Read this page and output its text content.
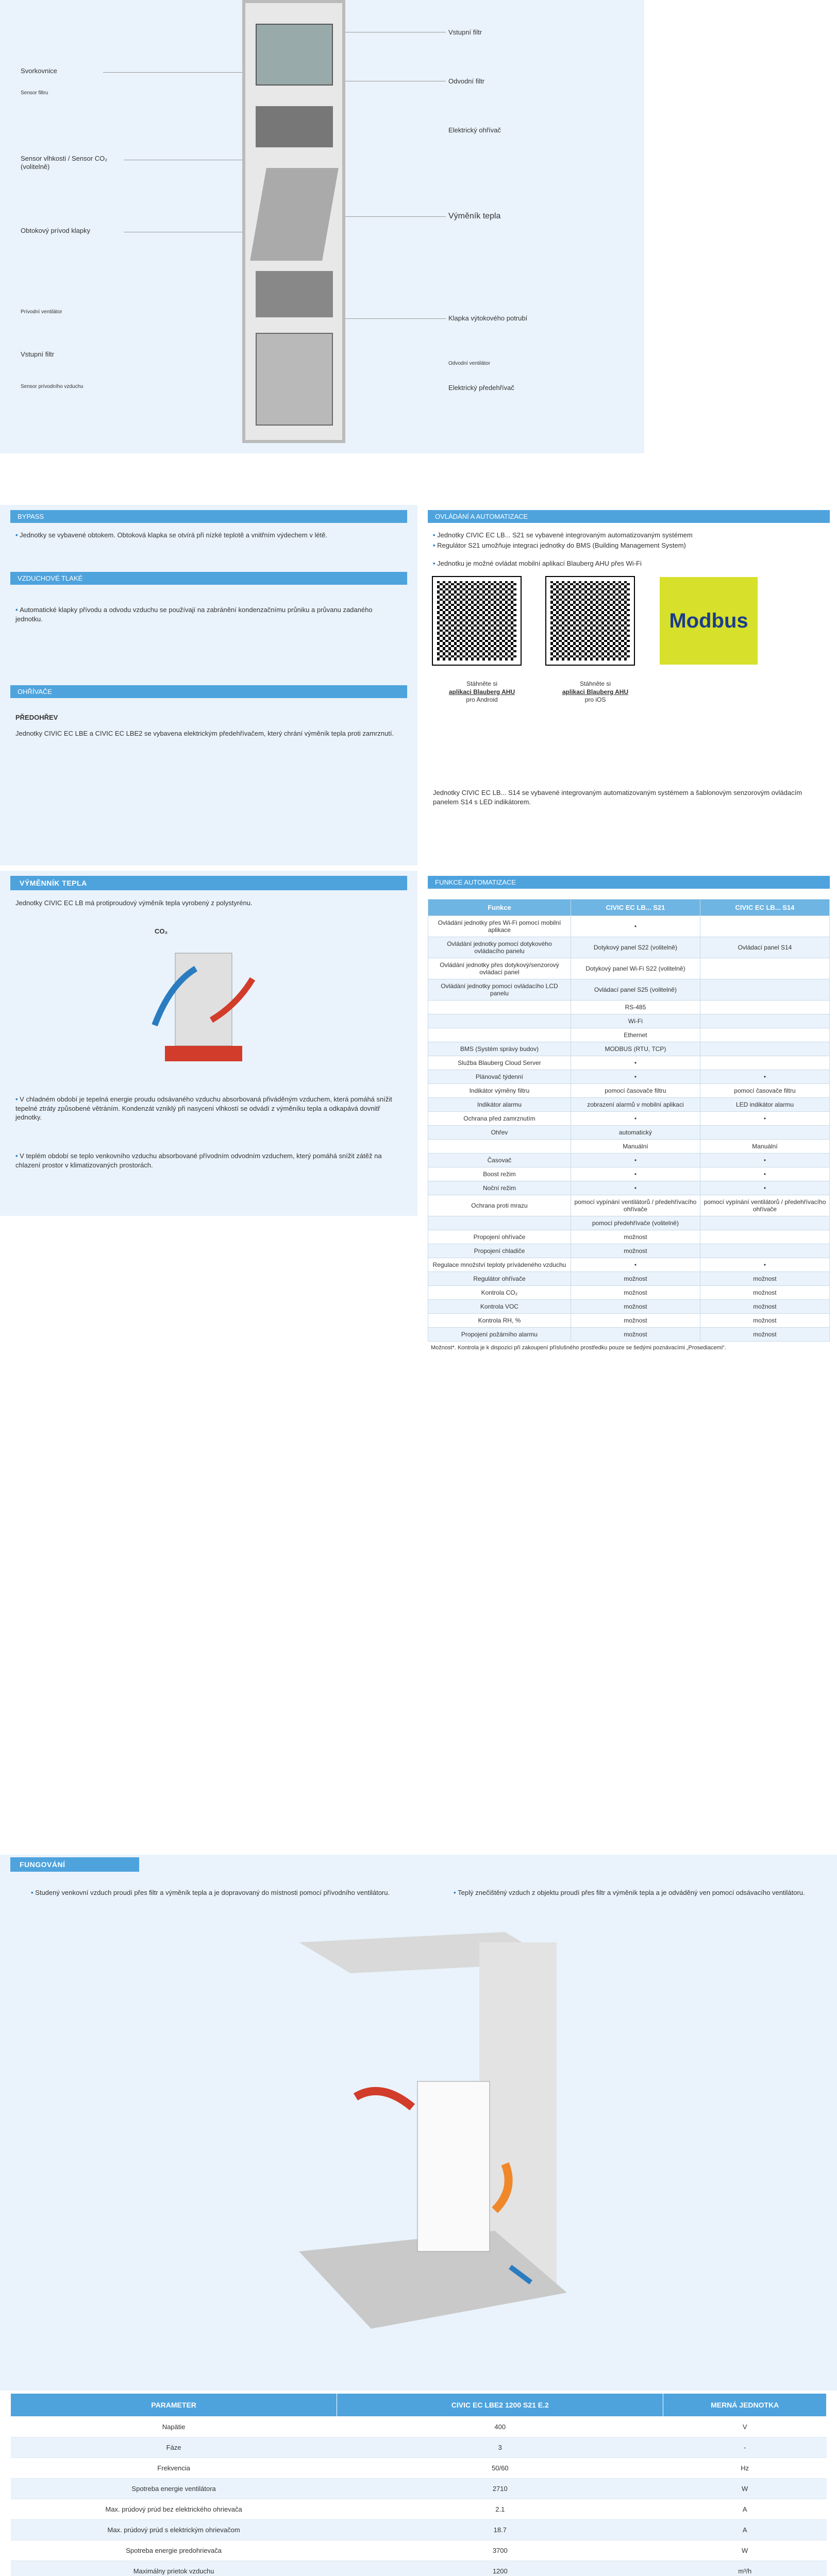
Svorkovnice
Sensor filtru
Sensor vlhkosti / Sensor CO₂ (volitelně)
Obtokový prívod klapky
Prívodní ventilátor
Vstupní filtr
Sensor prívodního vzduchu
Vstupní filtr
Odvodní filtr
Elektrický ohřívač
Výměník tepla
Klapka výtokového potrubí
Odvodní ventilátor
Elektrický předehřívač
BYPASS
• Jednotky se vybavené obtokem. Obtoková klapka se otvírá při nízké teplotě a vnitřním výdechem v létě.
VZDUCHOVÉ TLAKÉ
• Automatické klapky přívodu a odvodu vzduchu se používají na zabránění kondenzačnímu průniku a průvanu zadaného jednotku.
OHŘÍVAČE
PŘEDOHŘEV
Jednotky CIVIC EC LBE a CIVIC EC LBE2 se vybavena elektrickým předehřívačem, který chrání výměník tepla proti zamrznutí.
OVLÁDÁNÍ A AUTOMATIZACE
• Jednotky CIVIC EC LB... S21 se vybavené integrovaným automatizovaným systémem
• Regulátor S21 umožňuje integraci jednotky do BMS (Building Management System)
• Jednotku je možné ovládat mobilní aplikací Blauberg AHU přes Wi-Fi
Modbus
Stáhněte si
aplikaci Blauberg AHU
pro Android
Stáhněte si
aplikaci Blauberg AHU
pro iOS
Jednotky CIVIC EC LB... S14 se vybavené integrovaným automatizovaným systémem a šablonovým senzorovým ovládacím panelem S14 s LED indikátorem.
VÝMĚNNÍK TEPLA
Jednotky CIVIC EC LB má protiproudový výměník tepla vyrobený z polystyrénu.
CO₂
• V chladném období je tepelná energie proudu odsávaného vzduchu absorbovaná přiváděným vzduchem, která pomáhá snížit tepelné ztráty způsobené větráním. Kondenzát vzniklý při nasycení vlhkostí se odvádí z výměníku tepla a odkapává dovnitř jednotky.
• V teplém období se teplo venkovního vzduchu absorbované přívodním odvodním vzduchem, který pomáhá snížit zátěž na chlazení prostor v klimatizovaných prostorách.
FUNKCE AUTOMATIZACE
Funkce	CIVIC EC LB... S21	CIVIC EC LB... S14
Ovládání jednotky přes Wi-Fi pomocí mobilní aplikace	•	
Ovládání jednotky pomocí dotykového ovládacího panelu	Dotykový panel S22 (volitelně)	Ovládací panel S14
Ovládání jednotky přes dotykový/senzorový ovládací panel	Dotykový panel Wi-Fi S22 (volitelně)	
Ovládání jednotky pomocí ovládacího LCD panelu	Ovládací panel S25 (volitelně)	
	RS-485	
	Wi-Fi	
	Ethernet	
BMS (Systém správy budov)	MODBUS (RTU, TCP)	
Služba Blauberg Cloud Server	•	
Plánovač týdenní	•	•
Indikátor výměny filtru	pomocí časovače filtru	pomocí časovače filtru
Indikátor alarmu	zobrazení alarmů v mobilní aplikaci	LED indikátor alarmu
Ochrana před zamrznutím	•	•
Ohřev	automatický	
	Manuální	Manuální
Časovač	•	•
Boost režim	•	•
Noční režim	•	•
Ochrana proti mrazu	pomocí vypínání ventilátorů / předehřívacího ohřívače	pomocí vypínání ventilátorů / předehřívacího ohřívače
	pomocí předehřívače (volitelně)	
Propojení ohřívače	možnost	
Propojení chladiče	možnost	
Regulace množství teploty prívádeného vzduchu	•	•
Regulátor ohřívače	možnost	možnost
Kontrola CO₂	možnost	možnost
Kontrola VOC	možnost	možnost
Kontrola RH, %	možnost	možnost
Propojení požárního alarmu	možnost	možnost
Možnost*. Kontrola je k dispozici při zakoupení příslušného prostředku pouze se šedými poznávacími „Prosediacemi“.
FUNGOVÁNÍ
• Studený venkovní vzduch proudí přes filtr a výměník tepla a je dopravovaný do místnosti pomocí přívodního ventilátoru.	• Teplý znečištěný vzduch z objektu proudí přes filtr a výměník tepla a je odváděný ven pomocí odsávacího ventilátoru.
PARAMETER	CIVIC EC LBE2 1200 S21 E.2	MERNÁ JEDNOTKA
Napätie	400	V
Fáze	3	-
Frekvencia	50/60	Hz
Spotreba energie ventilátora	2710	W
Max. prúdový prúd bez elektrického ohrievača	2.1	A
Max. prúdový prúd s elektrickým ohrievačom	18.7	A
Spotreba energie predohrievača	3700	W
Maximálny prietok vzduchu	1200	m³/h
